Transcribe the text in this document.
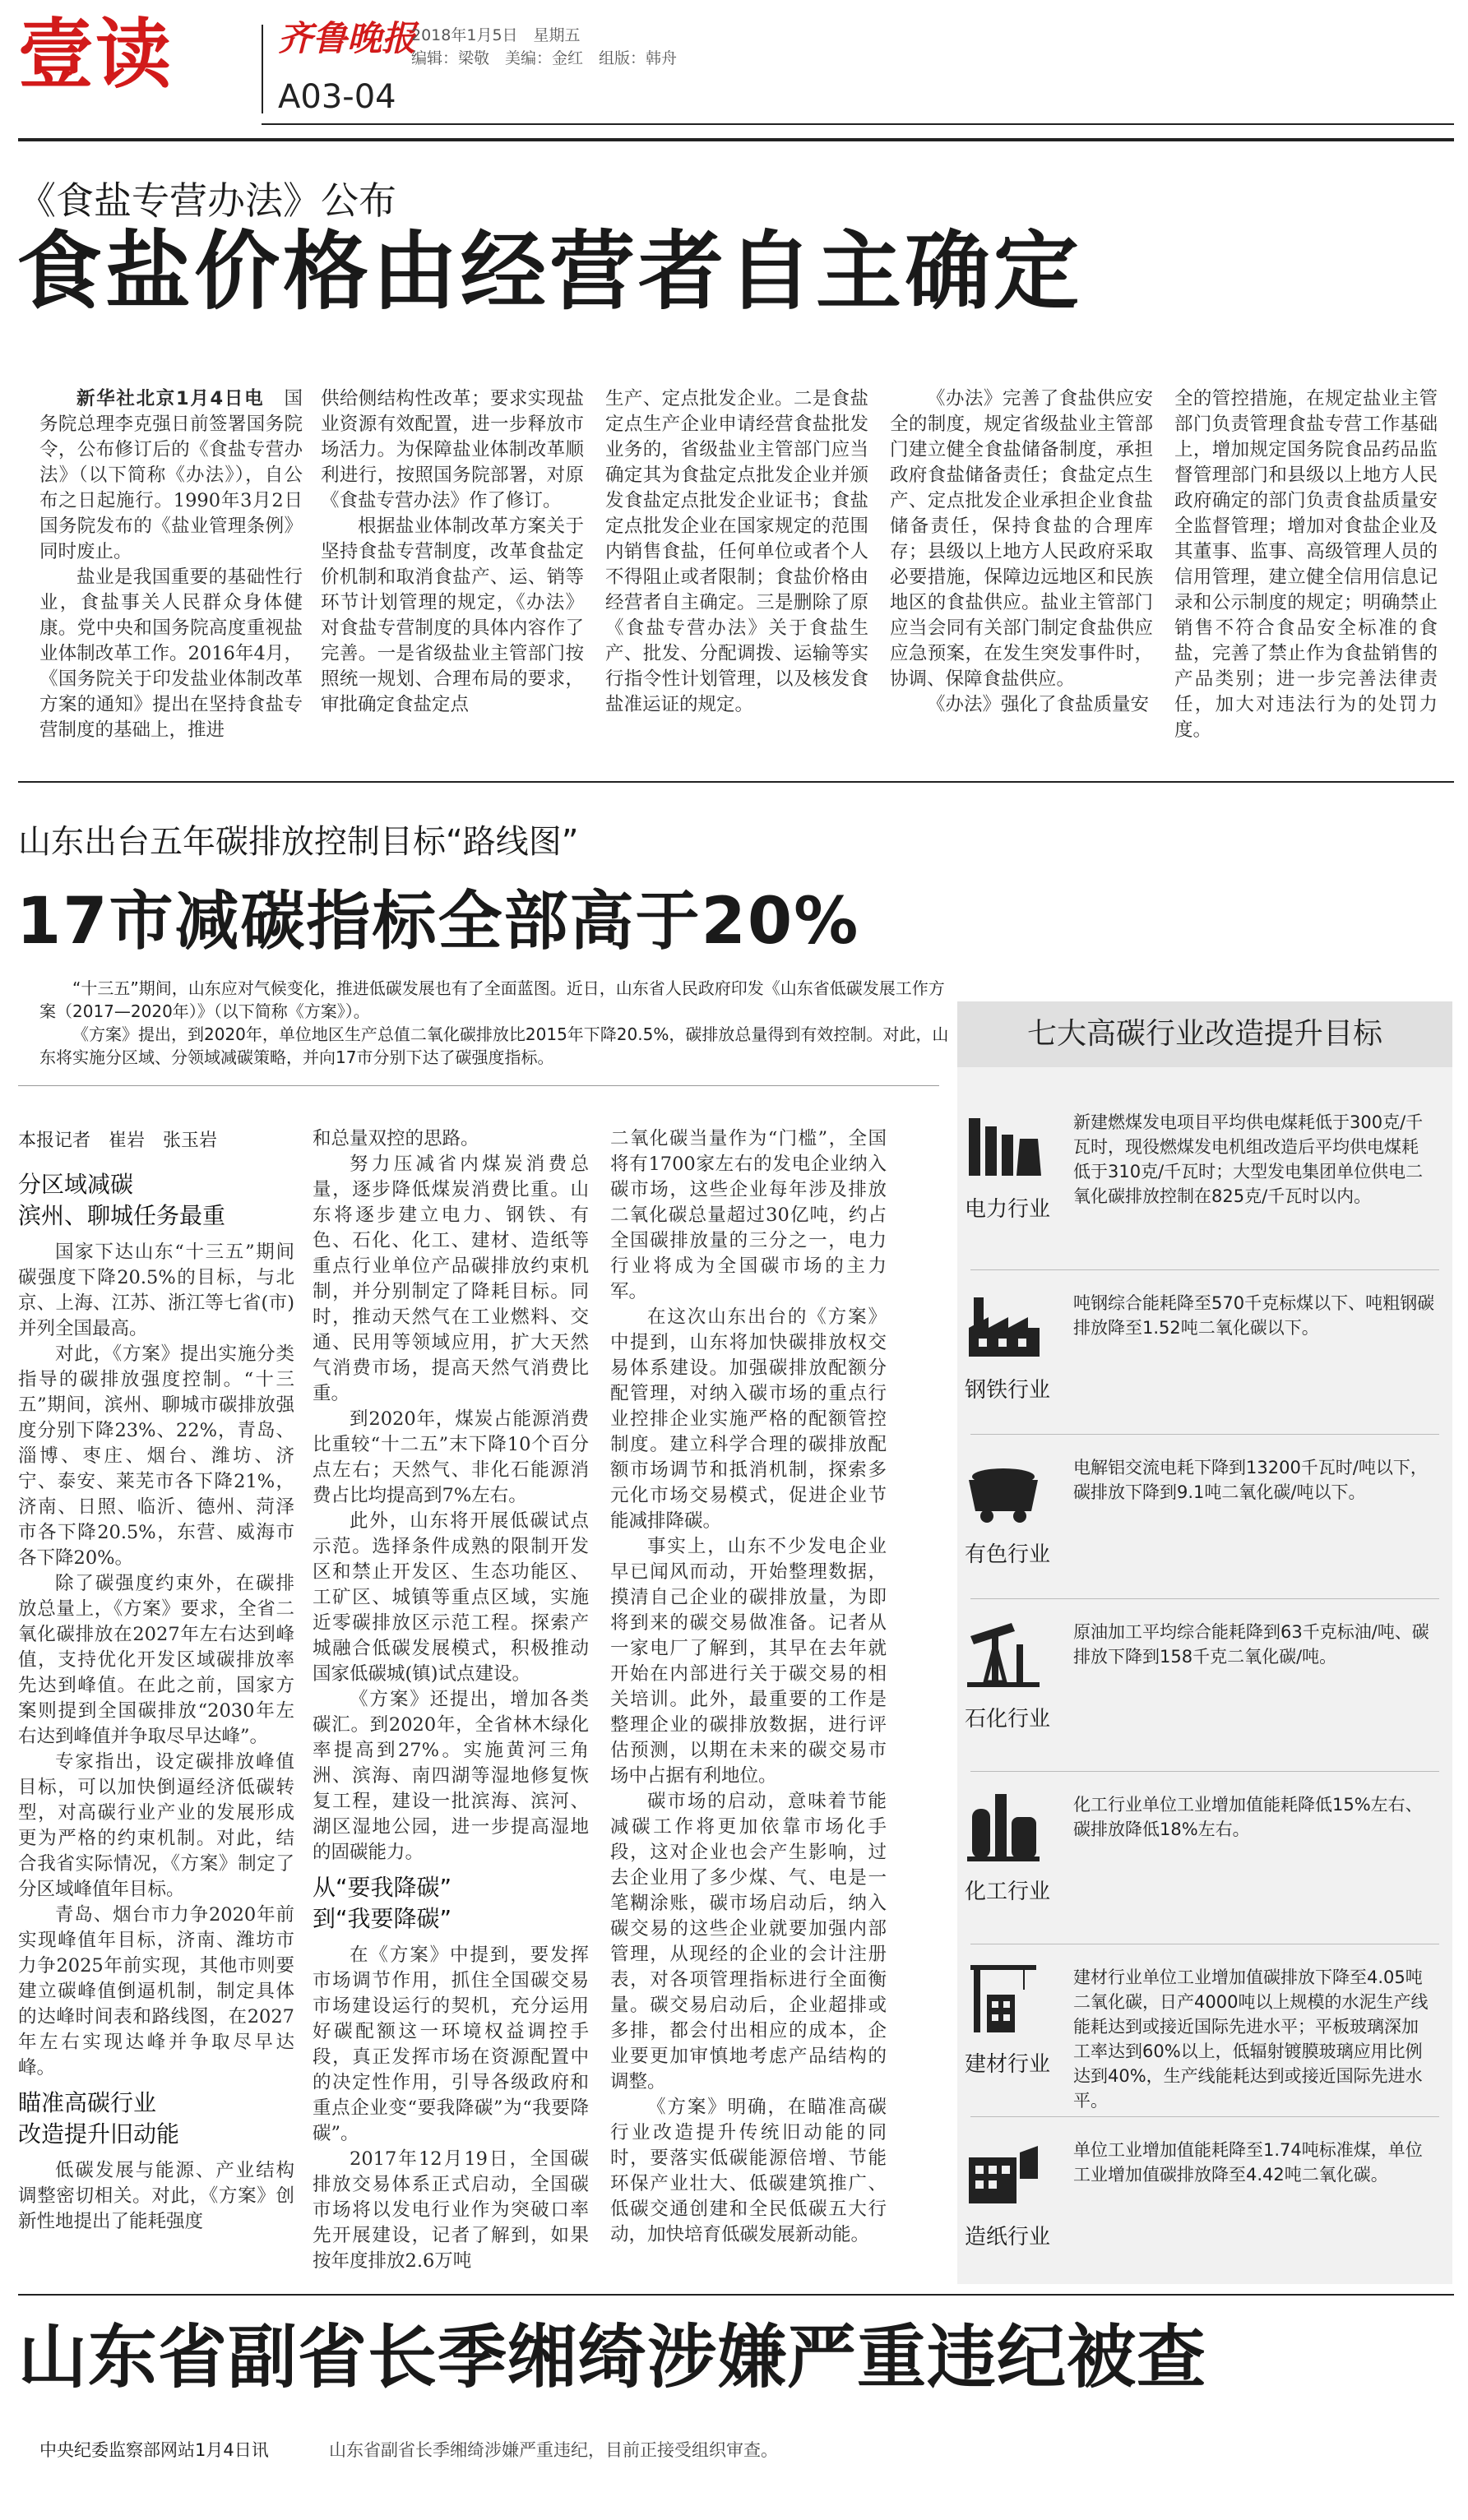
壹读	齐鲁晚报
2018年1月5日　星期五
编辑：梁敬　美编：金红　组版：韩舟
A03-04
《食盐专营办法》公布
食盐价格由经营者自主确定

新华社北京1月4日电　 国务院总理李克强日前签署国务院令，公布修订后的《食盐专营办法》（以下简称《办法》），自公布之日起施行。1990年3月2日国务院发布的《盐业管理条例》同时废止。

盐业是我国重要的基础性行业，食盐事关人民群众身体健康。党中央和国务院高度重视盐业体制改革工作。2016年4月，《国务院关于印发盐业体制改革方案的通知》提出在坚持食盐专营制度的基础上，推进

供给侧结构性改革；要求实现盐业资源有效配置，进一步释放市场活力。为保障盐业体制改革顺利进行，按照国务院部署，对原《食盐专营办法》作了修订。

根据盐业体制改革方案关于坚持食盐专营制度，改革食盐定价机制和取消食盐产、运、销等环节计划管理的规定，《办法》对食盐专营制度的具体内容作了完善。一是省级盐业主管部门按照统一规划、合理布局的要求，审批确定食盐定点

生产、定点批发企业。二是食盐定点生产企业申请经营食盐批发业务的，省级盐业主管部门应当确定其为食盐定点批发企业并颁发食盐定点批发企业证书；食盐定点批发企业在国家规定的范围内销售食盐，任何单位或者个人不得阻止或者限制；食盐价格由经营者自主确定。三是删除了原《食盐专营办法》关于食盐生产、批发、分配调拨、运输等实行指令性计划管理，以及核发食盐准运证的规定。

《办法》完善了食盐供应安全的制度，规定省级盐业主管部门建立健全食盐储备制度，承担政府食盐储备责任；食盐定点生产、定点批发企业承担企业食盐储备责任，保持食盐的合理库存；县级以上地方人民政府采取必要措施，保障边远地区和民族地区的食盐供应。盐业主管部门应当会同有关部门制定食盐供应应急预案，在发生突发事件时，协调、保障食盐供应。

《办法》强化了食盐质量安

全的管控措施，在规定盐业主管部门负责管理食盐专营工作基础上，增加规定国务院食品药品监督管理部门和县级以上地方人民政府确定的部门负责食盐质量安全监督管理；增加对食盐企业及其董事、监事、高级管理人员的信用管理，建立健全信用信息记录和公示制度的规定；明确禁止销售不符合食品安全标准的食盐，完善了禁止作为食盐销售的产品类别；进一步完善法律责任，加大对违法行为的处罚力度。

山东出台五年碳排放控制目标“路线图”
17市减碳指标全部高于20%

“十三五”期间，山东应对气候变化，推进低碳发展也有了全面蓝图。近日，山东省人民政府印发《山东省低碳发展工作方案（2017—2020年）》（以下简称《方案》）。

《方案》提出，到2020年，单位地区生产总值二氧化碳排放比2015年下降20.5%，碳排放总量得到有效控制。对此，山东将实施分区域、分领域减碳策略，并向17市分别下达了碳强度指标。

本报记者　崔岩　张玉岩
分区域减碳
滨州、聊城任务最重

国家下达山东“十三五”期间碳强度下降20.5%的目标，与北京、上海、江苏、浙江等七省(市)并列全国最高。

对此，《方案》提出实施分类指导的碳排放强度控制。“十三五”期间，滨州、聊城市碳排放强度分别下降23%、22%，青岛、淄博、枣庄、烟台、潍坊、济宁、泰安、莱芜市各下降21%，济南、日照、临沂、德州、菏泽市各下降20.5%，东营、威海市各下降20%。

除了碳强度约束外，在碳排放总量上，《方案》要求，全省二氧化碳排放在2027年左右达到峰值，支持优化开发区域碳排放率先达到峰值。在此之前，国家方案则提到全国碳排放“2030年左右达到峰值并争取尽早达峰”。

专家指出，设定碳排放峰值目标，可以加快倒逼经济低碳转型，对高碳行业产业的发展形成更为严格的约束机制。对此，结合我省实际情况，《方案》制定了分区域峰值年目标。

青岛、烟台市力争2020年前实现峰值年目标，济南、潍坊市力争2025年前实现，其他市则要建立碳峰值倒逼机制，制定具体的达峰时间表和路线图，在2027年左右实现达峰并争取尽早达峰。

瞄准高碳行业
改造提升旧动能

低碳发展与能源、产业结构调整密切相关。对此，《方案》创新性地提出了能耗强度

和总量双控的思路。

努力压减省内煤炭消费总量，逐步降低煤炭消费比重。山东将逐步建立电力、钢铁、有色、石化、化工、建材、造纸等重点行业单位产品碳排放约束机制，并分别制定了降耗目标。同时，推动天然气在工业燃料、交通、民用等领域应用，扩大天然气消费市场，提高天然气消费比重。

到2020年，煤炭占能源消费比重较“十二五”末下降10个百分点左右；天然气、非化石能源消费占比均提高到7%左右。

此外，山东将开展低碳试点示范。选择条件成熟的限制开发区和禁止开发区、生态功能区、工矿区、城镇等重点区域，实施近零碳排放区示范工程。探索产城融合低碳发展模式，积极推动国家低碳城(镇)试点建设。

《方案》还提出，增加各类碳汇。到2020年，全省林木绿化率提高到27%。实施黄河三角洲、滨海、南四湖等湿地修复恢复工程，建设一批滨海、滨河、湖区湿地公园，进一步提高湿地的固碳能力。

从“要我降碳”
到“我要降碳”

在《方案》中提到，要发挥市场调节作用，抓住全国碳交易市场建设运行的契机，充分运用好碳配额这一环境权益调控手段，真正发挥市场在资源配置中的决定性作用，引导各级政府和重点企业变“要我降碳”为“我要降碳”。

2017年12月19日，全国碳排放交易体系正式启动，全国碳市场将以发电行业作为突破口率先开展建设，记者了解到，如果按年度排放2.6万吨

二氧化碳当量作为“门槛”，全国将有1700家左右的发电企业纳入碳市场，这些企业每年涉及排放二氧化碳总量超过30亿吨，约占全国碳排放量的三分之一，电力行业将成为全国碳市场的主力军。

在这次山东出台的《方案》中提到，山东将加快碳排放权交易体系建设。加强碳排放配额分配管理，对纳入碳市场的重点行业控排企业实施严格的配额管控制度。建立科学合理的碳排放配额市场调节和抵消机制，探索多元化市场交易模式，促进企业节能减排降碳。

事实上，山东不少发电企业早已闻风而动，开始整理数据，摸清自己企业的碳排放量，为即将到来的碳交易做准备。记者从一家电厂了解到，其早在去年就开始在内部进行关于碳交易的相关培训。此外，最重要的工作是整理企业的碳排放数据，进行评估预测，以期在未来的碳交易市场中占据有利地位。

碳市场的启动，意味着节能减碳工作将更加依靠市场化手段，这对企业也会产生影响，过去企业用了多少煤、气、电是一笔糊涂账，碳市场启动后，纳入碳交易的这些企业就要加强内部管理，从现经的企业的会计注册表，对各项管理指标进行全面衡量。碳交易启动后，企业超排或多排，都会付出相应的成本，企业要更加审慎地考虑产品结构的调整。

《方案》明确，在瞄准高碳行业改造提升传统旧动能的同时，要落实低碳能源倍增、节能环保产业壮大、低碳建筑推广、低碳交通创建和全民低碳五大行动，加快培育低碳发展新动能。

七大高碳行业改造提升目标
电力行业
新建燃煤发电项目平均供电煤耗低于300克/千瓦时，现役燃煤发电机组改造后平均供电煤耗低于310克/千瓦时；大型发电集团单位供电二氧化碳排放控制在825克/千瓦时以内。
钢铁行业
吨钢综合能耗降至570千克标煤以下、吨粗钢碳排放降至1.52吨二氧化碳以下。
有色行业
电解铝交流电耗下降到13200千瓦时/吨以下，碳排放下降到9.1吨二氧化碳/吨以下。
石化行业
原油加工平均综合能耗降到63千克标油/吨、碳排放下降到158千克二氧化碳/吨。
化工行业
化工行业单位工业增加值能耗降低15%左右、碳排放降低18%左右。
建材行业
建材行业单位工业增加值碳排放下降至4.05吨二氧化碳，日产4000吨以上规模的水泥生产线能耗达到或接近国际先进水平；平板玻璃深加工率达到60%以上，低辐射镀膜玻璃应用比例达到40%，生产线能耗达到或接近国际先进水平。
造纸行业
单位工业增加值能耗降至1.74吨标准煤，单位工业增加值碳排放降至4.42吨二氧化碳。
山东省副省长季缃绮涉嫌严重违纪被查
中央纪委监察部网站1月4日讯	山东省副省长季缃绮涉嫌严重违纪，目前正接受组织审查。
